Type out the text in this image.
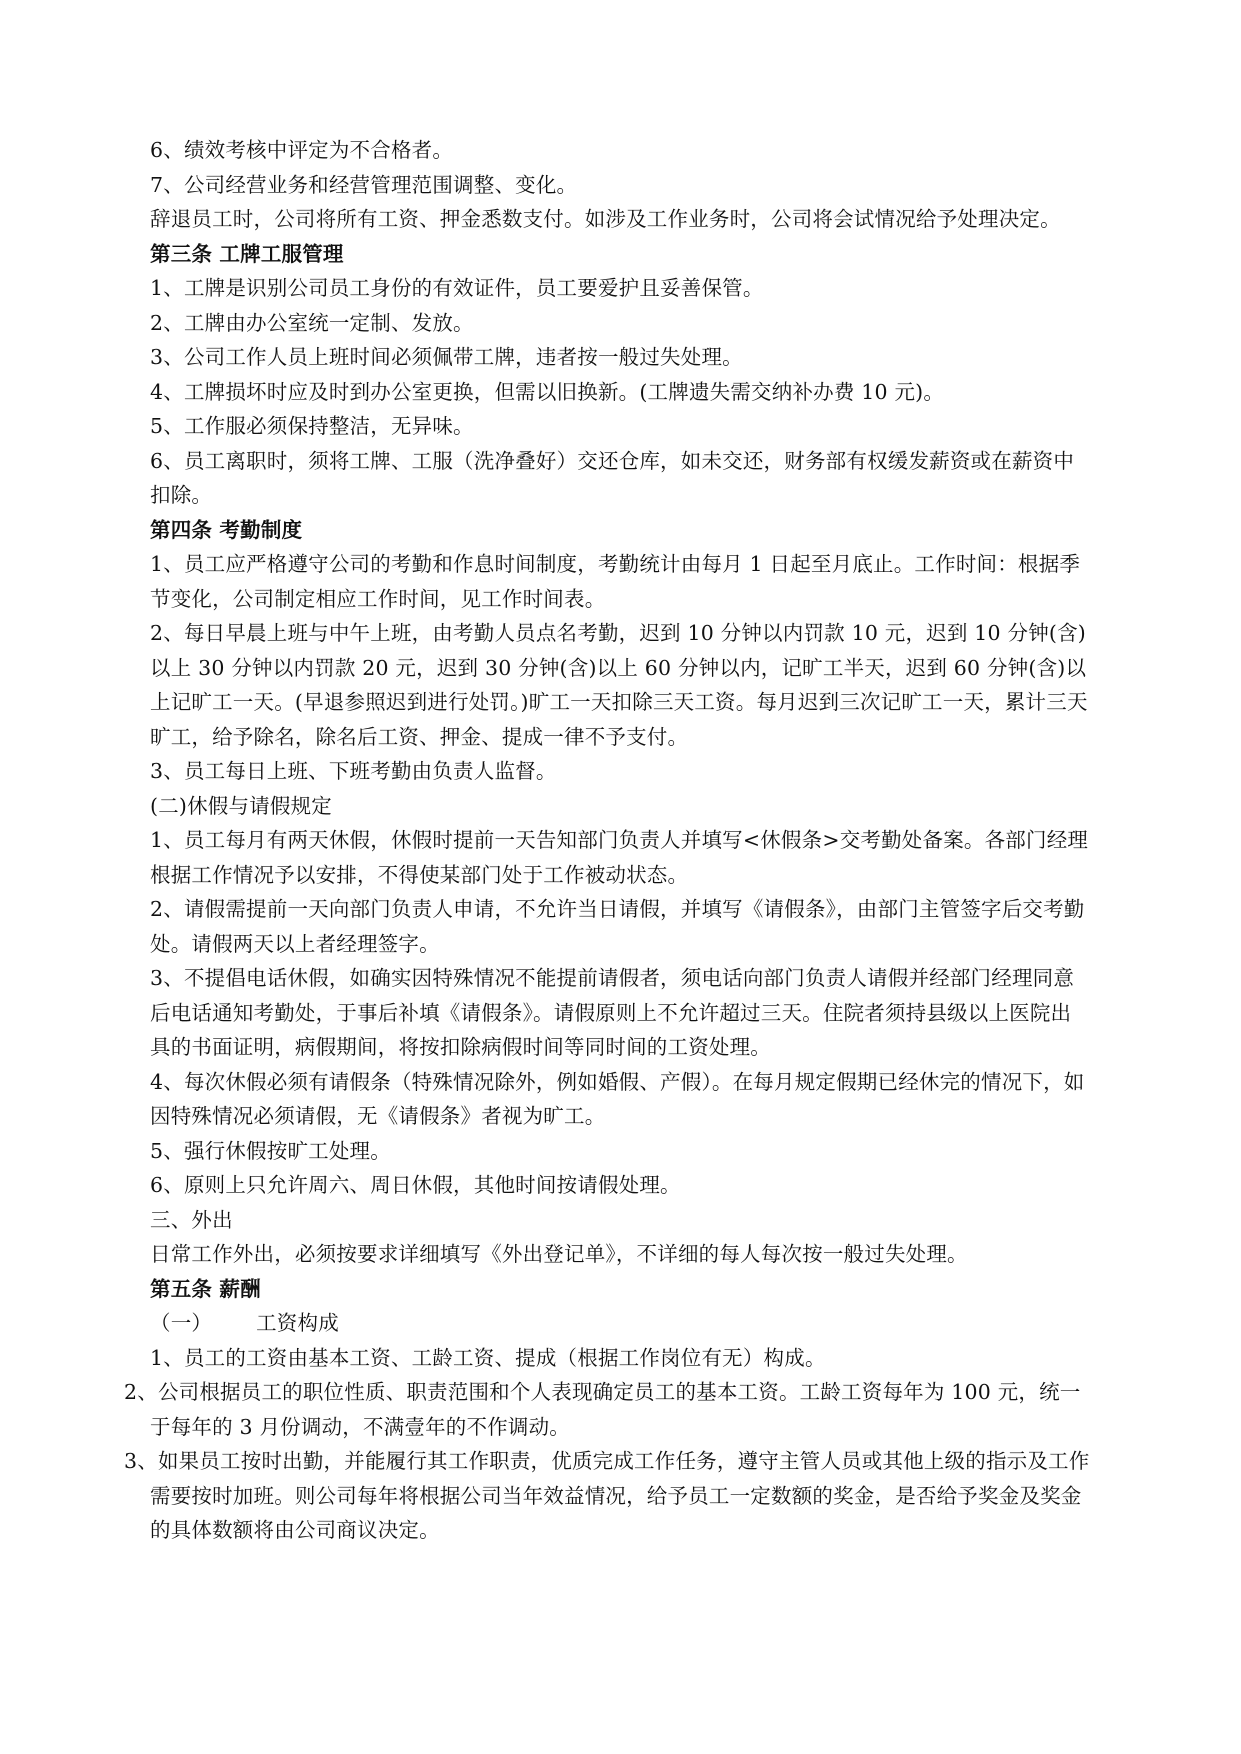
6、绩效考核中评定为不合格者。

7、公司经营业务和经营管理范围调整、变化。

辞退员工时，公司将所有工资、押金悉数支付。如涉及工作业务时，公司将会试情况给予处理决定。

第三条 工牌工服管理

1、工牌是识别公司员工身份的有效证件，员工要爱护且妥善保管。

2、工牌由办公室统一定制、发放。

3、公司工作人员上班时间必须佩带工牌，违者按一般过失处理。

4、工牌损坏时应及时到办公室更换，但需以旧换新。(工牌遗失需交纳补办费 10 元)。

5、工作服必须保持整洁，无异味。

6、员工离职时，须将工牌、工服（洗净叠好）交还仓库，如未交还，财务部有权缓发薪资或在薪资中扣除。

第四条 考勤制度

1、员工应严格遵守公司的考勤和作息时间制度，考勤统计由每月 1 日起至月底止。工作时间：根据季节变化，公司制定相应工作时间，见工作时间表。

2、每日早晨上班与中午上班，由考勤人员点名考勤，迟到 10 分钟以内罚款 10 元，迟到 10 分钟(含)以上 30 分钟以内罚款 20 元，迟到 30 分钟(含)以上 60 分钟以内，记旷工半天，迟到 60 分钟(含)以上记旷工一天。(早退参照迟到进行处罚。)旷工一天扣除三天工资。每月迟到三次记旷工一天，累计三天旷工，给予除名，除名后工资、押金、提成一律不予支付。

3、员工每日上班、下班考勤由负责人监督。

(二)休假与请假规定

1、员工每月有两天休假，休假时提前一天告知部门负责人并填写<休假条>交考勤处备案。各部门经理根据工作情况予以安排，不得使某部门处于工作被动状态。

2、请假需提前一天向部门负责人申请，不允许当日请假，并填写《请假条》，由部门主管签字后交考勤处。请假两天以上者经理签字。

3、不提倡电话休假，如确实因特殊情况不能提前请假者，须电话向部门负责人请假并经部门经理同意后电话通知考勤处，于事后补填《请假条》。请假原则上不允许超过三天。住院者须持县级以上医院出具的书面证明，病假期间，将按扣除病假时间等同时间的工资处理。

4、每次休假必须有请假条（特殊情况除外，例如婚假、产假）。在每月规定假期已经休完的情况下，如因特殊情况必须请假，无《请假条》者视为旷工。

5、强行休假按旷工处理。

6、原则上只允许周六、周日休假，其他时间按请假处理。

三、外出

日常工作外出，必须按要求详细填写《外出登记单》，不详细的每人每次按一般过失处理。

第五条 薪酬

（一） 工资构成

1、员工的工资由基本工资、工龄工资、提成（根据工作岗位有无）构成。

2、公司根据员工的职位性质、职责范围和个人表现确定员工的基本工资。工龄工资每年为 100 元，统一于每年的 3 月份调动，不满壹年的不作调动。

3、如果员工按时出勤，并能履行其工作职责，优质完成工作任务，遵守主管人员或其他上级的指示及工作需要按时加班。则公司每年将根据公司当年效益情况，给予员工一定数额的奖金，是否给予奖金及奖金的具体数额将由公司商议决定。
